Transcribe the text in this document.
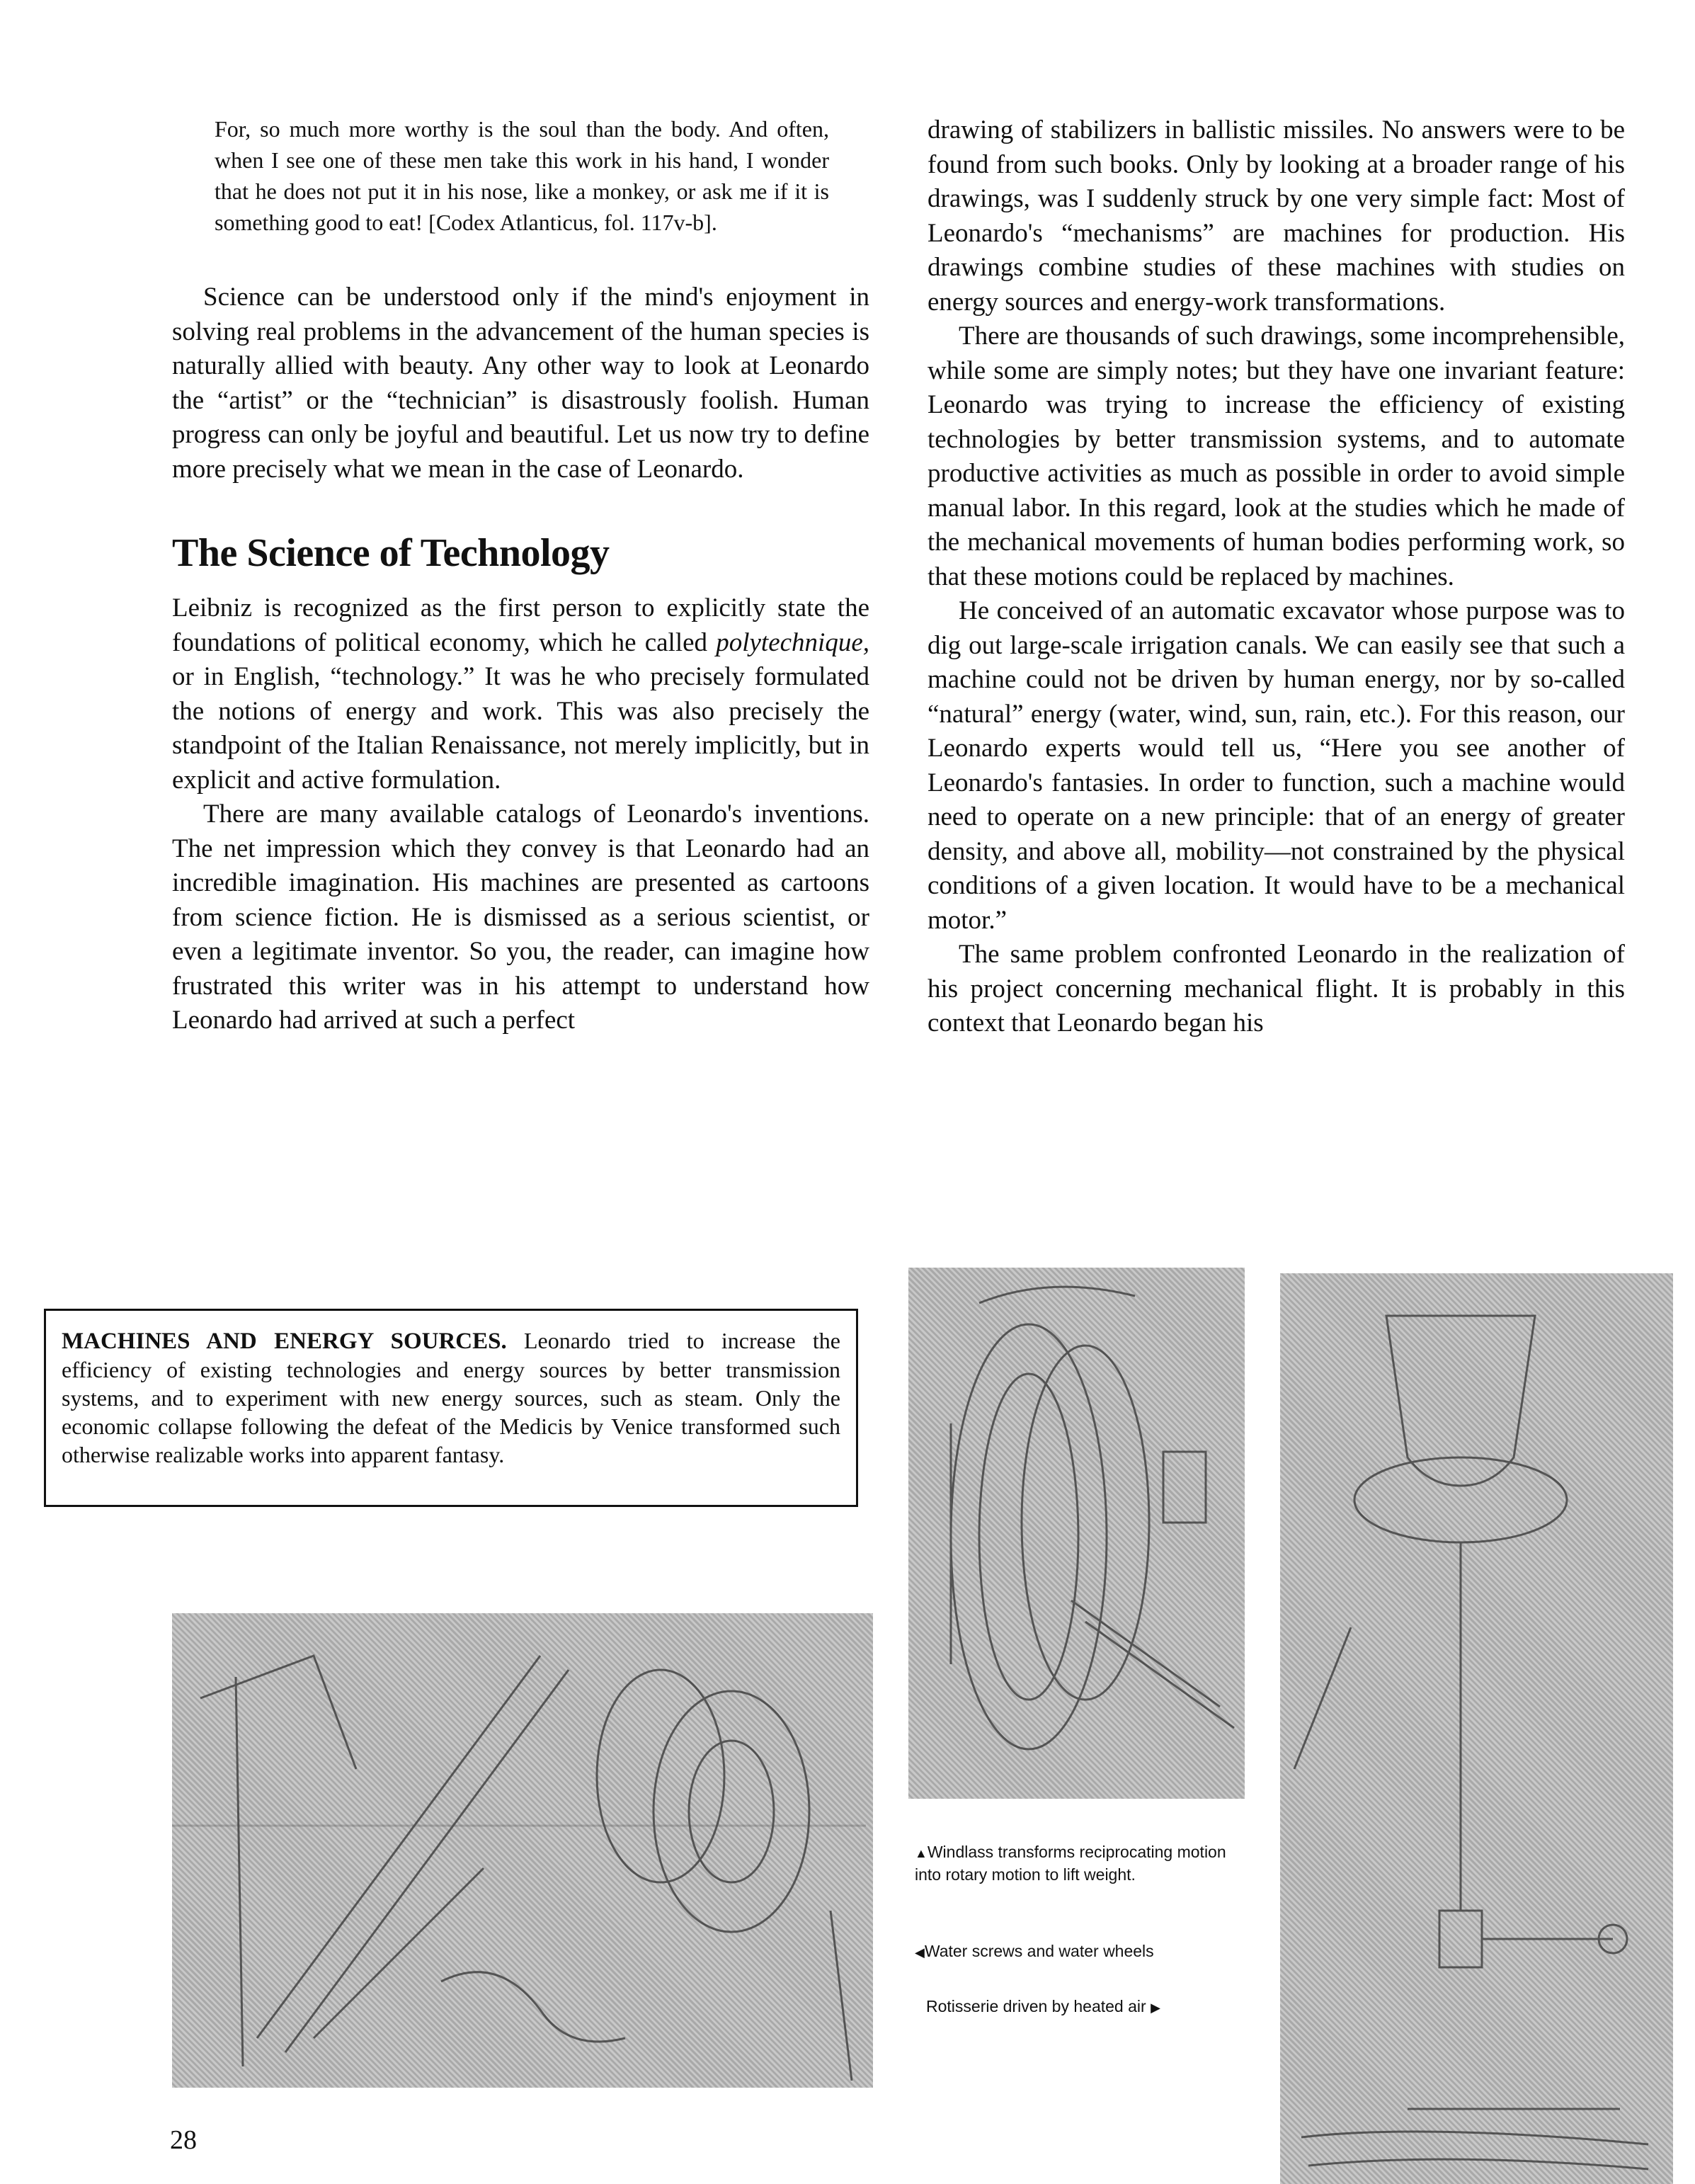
For, so much more worthy is the soul than the body. And often, when I see one of these men take this work in his hand, I wonder that he does not put it in his nose, like a monkey, or ask me if it is something good to eat! [Codex Atlanticus, fol. 117v-b].

Science can be understood only if the mind's enjoyment in solving real problems in the advancement of the human species is naturally allied with beauty. Any other way to look at Leonardo the “artist” or the “technician” is disastrously foolish. Human progress can only be joyful and beautiful. Let us now try to define more precisely what we mean in the case of Leonardo.

The Science of Technology

Leibniz is recognized as the first person to explicitly state the foundations of political economy, which he called polytechnique, or in English, “technology.” It was he who precisely formulated the notions of energy and work. This was also precisely the standpoint of the Italian Renaissance, not merely implicitly, but in explicit and active formulation.

There are many available catalogs of Leonardo's inventions. The net impression which they convey is that Leonardo had an incredible imagination. His machines are presented as cartoons from science fiction. He is dismissed as a serious scientist, or even a legitimate inventor. So you, the reader, can imagine how frustrated this writer was in his attempt to understand how Leonardo had arrived at such a perfect

drawing of stabilizers in ballistic missiles. No answers were to be found from such books. Only by looking at a broader range of his drawings, was I suddenly struck by one very simple fact: Most of Leonardo's “mechanisms” are machines for production. His drawings combine studies of these machines with studies on energy sources and energy-work transformations.

There are thousands of such drawings, some incomprehensible, while some are simply notes; but they have one invariant feature: Leonardo was trying to increase the efficiency of existing technologies by better transmission systems, and to automate productive activities as much as possible in order to avoid simple manual labor. In this regard, look at the studies which he made of the mechanical movements of human bodies performing work, so that these motions could be replaced by machines.

He conceived of an automatic excavator whose purpose was to dig out large-scale irrigation canals. We can easily see that such a machine could not be driven by human energy, nor by so-called “natural” energy (water, wind, sun, rain, etc.). For this reason, our Leonardo experts would tell us, “Here you see another of Leonardo's fantasies. In order to function, such a machine would need to operate on a new principle: that of an energy of greater density, and above all, mobility—not constrained by the physical conditions of a given location. It would have to be a mechanical motor.”

The same problem confronted Leonardo in the realization of his project concerning mechanical flight. It is probably in this context that Leonardo began his

MACHINES AND ENERGY SOURCES. Leonardo tried to increase the efficiency of existing technologies and energy sources by better transmission systems, and to experiment with new energy sources, such as steam. Only the economic collapse following the defeat of the Medicis by Venice transformed such otherwise realizable works into apparent fantasy.
▲Windlass transforms reciprocating motion into rotary motion to lift weight.
◀Water screws and water wheels
Rotisserie driven by heated air ▶
28
